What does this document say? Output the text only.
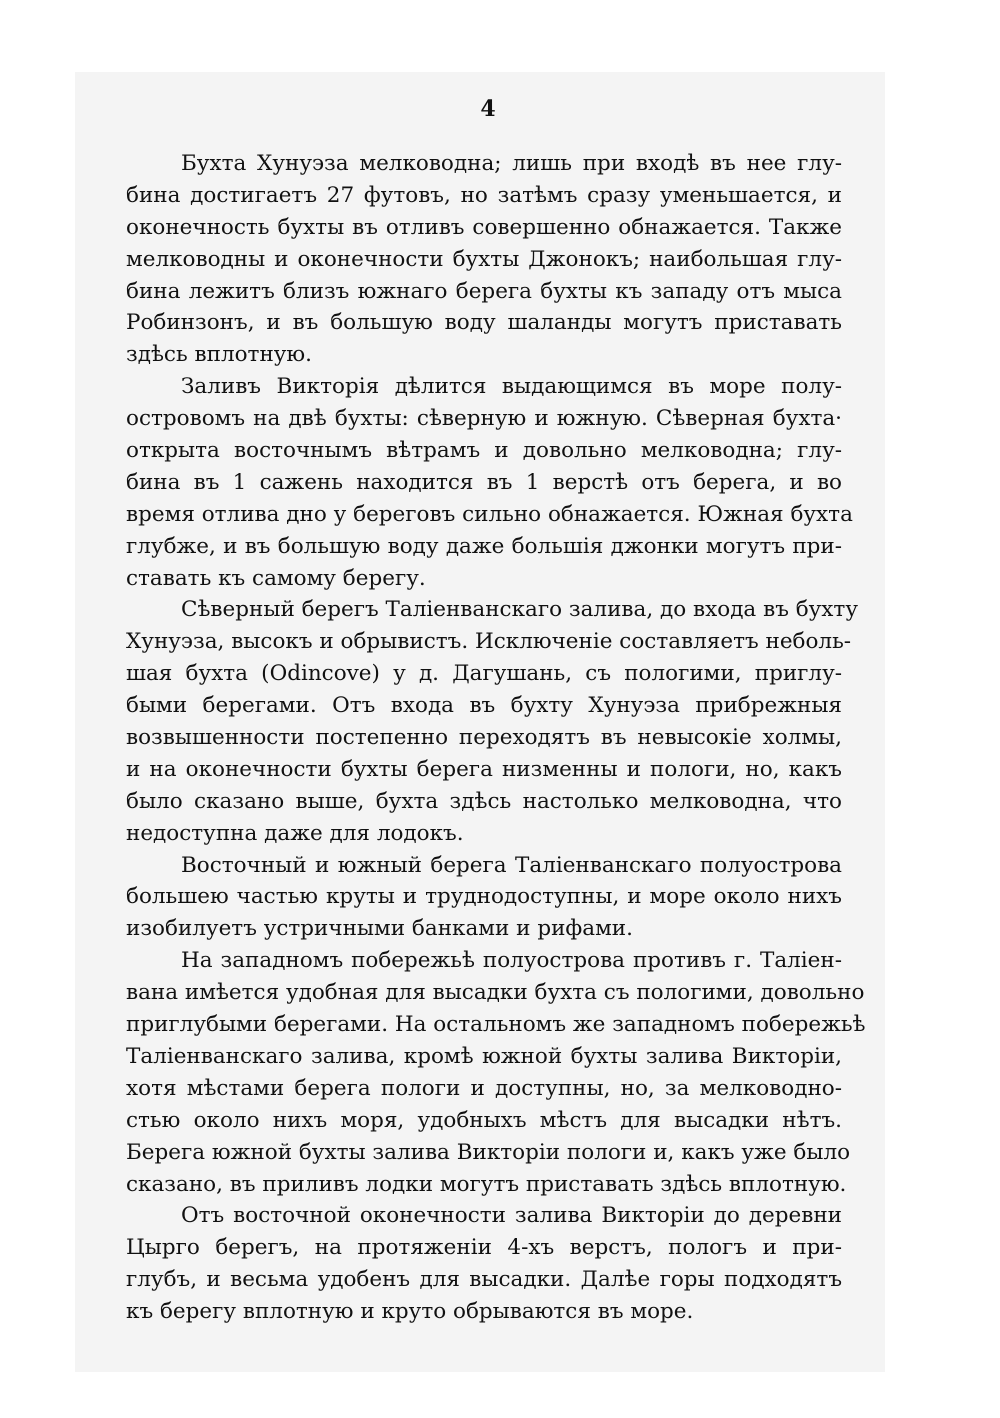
4
Бухта Хунуэза мелководна; лишь при входѣ въ нее глу-
бина достигаетъ 27 футовъ, но затѣмъ сразу уменьшается, и
оконечность бухты въ отливъ совершенно обнажается. Также
мелководны и оконечности бухты Джонокъ; наибольшая глу-
бина лежитъ близъ южнаго берега бухты къ западу отъ мыса
Робинзонъ, и въ большую воду шаланды могутъ приставать
здѣсь вплотную.
Заливъ Викторія дѣлится выдающимся въ море полу-
островомъ на двѣ бухты: сѣверную и южную. Сѣверная бухта·
открыта восточнымъ вѣтрамъ и довольно мелководна; глу-
бина въ 1 сажень находится въ 1 верстѣ отъ берега, и во
время отлива дно у береговъ сильно обнажается. Южная бухта
глубже, и въ большую воду даже большія джонки могутъ при-
ставать къ самому берегу.
Сѣверный берегъ Таліенванскаго залива, до входа въ бухту
Хунуэза, высокъ и обрывистъ. Исключеніе составляетъ неболь-
шая бухта (Odincove) у д. Дагушань, съ пологими, приглу-
быми берегами. Отъ входа въ бухту Хунуэза прибрежныя
возвышенности постепенно переходятъ въ невысокіе холмы,
и на оконечности бухты берега низменны и пологи, но, какъ
было сказано выше, бухта здѣсь настолько мелководна, что
недоступна даже для лодокъ.
Восточный и южный берега Таліенванскаго полуострова
большею частью круты и труднодоступны, и море около нихъ
изобилуетъ устричными банками и рифами.
На западномъ побережьѣ полуострова противъ г. Таліен-
вана имѣется удобная для высадки бухта съ пологими, довольно
приглубыми берегами. На остальномъ же западномъ побережьѣ
Таліенванскаго залива, кромѣ южной бухты залива Викторіи,
хотя мѣстами берега пологи и доступны, но, за мелководно-
стью около нихъ моря, удобныхъ мѣстъ для высадки нѣтъ.
Берега южной бухты залива Викторіи пологи и, какъ уже было
сказано, въ приливъ лодки могутъ приставать здѣсь вплотную.
Отъ восточной оконечности залива Викторіи до деревни
Цырго берегъ, на протяженіи 4-хъ верстъ, пологъ и при-
глубъ, и весьма удобенъ для высадки. Далѣе горы подходятъ
къ берегу вплотную и круто обрываются въ море.
